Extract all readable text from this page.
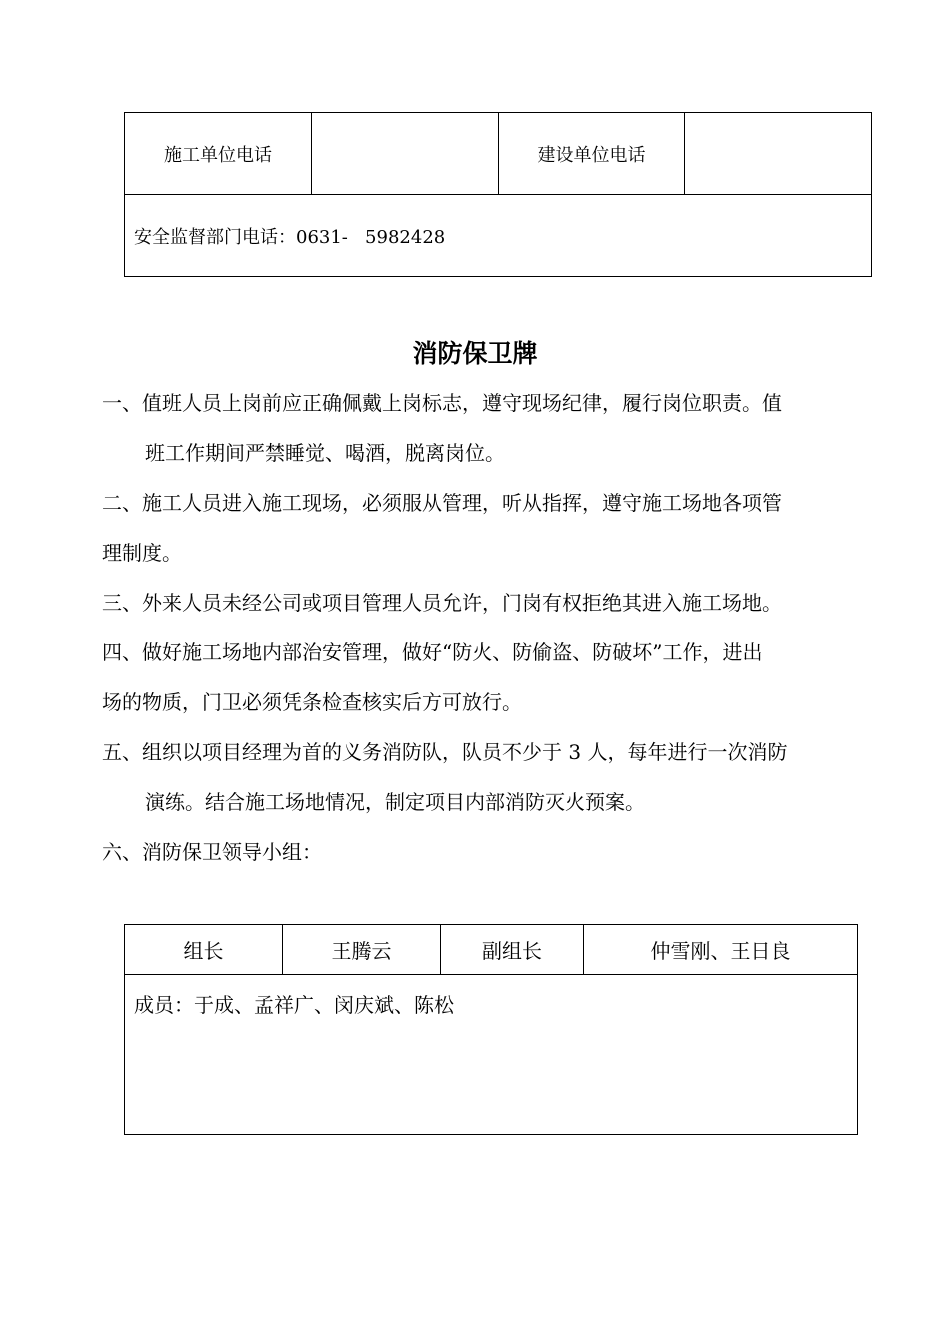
施工单位电话		建设单位电话	
安全监督部门电话：0631-   5982428
消防保卫牌
一、值班人员上岗前应正确佩戴上岗标志，遵守现场纪律，履行岗位职责。值
班工作期间严禁睡觉、喝酒，脱离岗位。
二、施工人员进入施工现场，必须服从管理，听从指挥，遵守施工场地各项管
理制度。
三、外来人员未经公司或项目管理人员允许，门岗有权拒绝其进入施工场地。
四、做好施工场地内部治安管理，做好“防火、防偷盗、防破坏”工作，进出
场的物质，门卫必须凭条检查核实后方可放行。
五、组织以项目经理为首的义务消防队，队员不少于 3 人，每年进行一次消防
演练。结合施工场地情况，制定项目内部消防灭火预案。
六、消防保卫领导小组：
组长	王腾云	副组长	仲雪刚、王日良
成员：于成、孟祥广、闵庆斌、陈松
